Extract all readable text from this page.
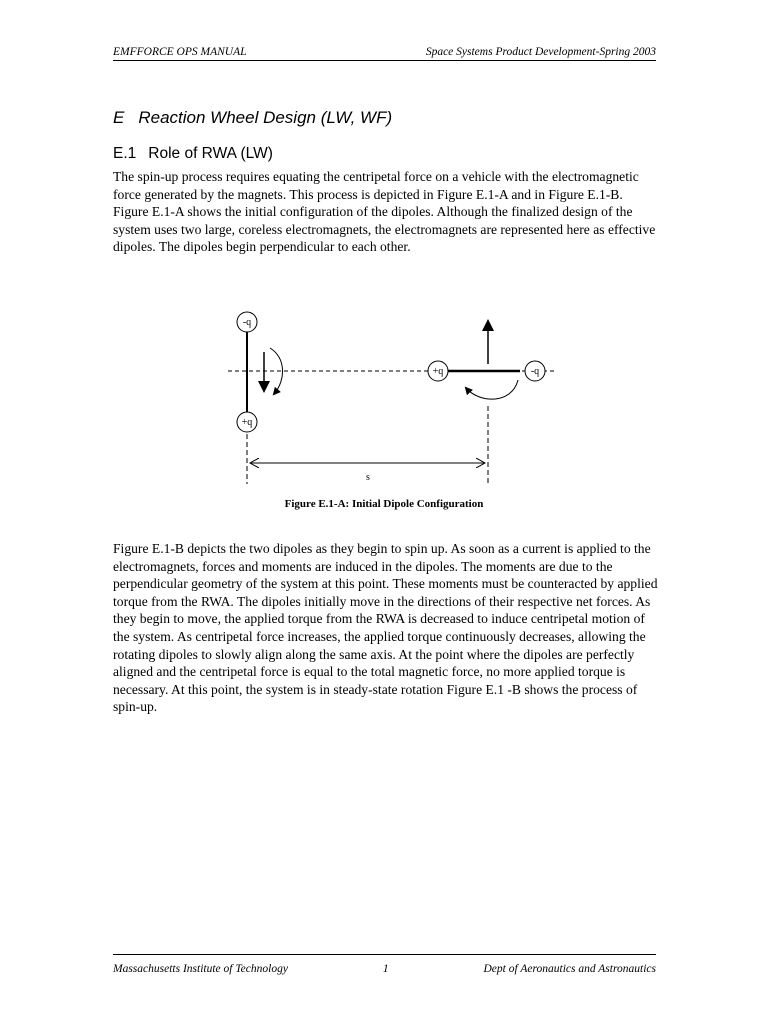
EMFFORCE OPS MANUAL	Space Systems Product Development-Spring 2003
E Reaction Wheel Design (LW, WF)
E.1 Role of RWA (LW)

The spin-up process requires equating the centripetal force on a vehicle with the electromagnetic force generated by the magnets. This process is depicted in Figure E.1-A and in Figure E.1-B. Figure E.1-A shows the initial configuration of the dipoles. Although the finalized design of the system uses two large, coreless electromagnets, the electromagnets are represented here as effective dipoles. The dipoles begin perpendicular to each other.

-q
+q
+q	-q
s
Figure E.1-A: Initial Dipole Configuration

Figure E.1-B depicts the two dipoles as they begin to spin up. As soon as a current is applied to the electromagnets, forces and moments are induced in the dipoles. The moments are due to the perpendicular geometry of the system at this point. These moments must be counteracted by applied torque from the RWA. The dipoles initially move in the directions of their respective net forces. As they begin to move, the applied torque from the RWA is decreased to induce centripetal motion of the system. As centripetal force increases, the applied torque continuously decreases, allowing the rotating dipoles to slowly align along the same axis. At the point where the dipoles are perfectly aligned and the centripetal force is equal to the total magnetic force, no more applied torque is necessary. At this point, the system is in steady-state rotation Figure E.1 -B shows the process of spin-up.

Massachusetts Institute of Technology	1	Dept of Aeronautics and Astronautics
